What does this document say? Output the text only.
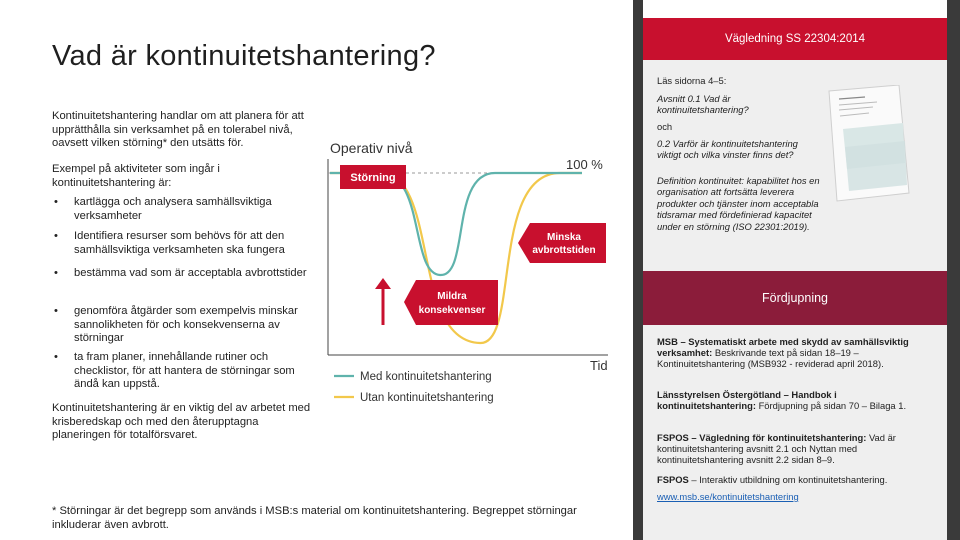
Vad är kontinuitetshantering?
Kontinuitetshantering handlar om att planera för att upprätthålla sin verksamhet på en tolerabel nivå, oavsett vilken störning* den utsätts för.
Exempel på aktiviteter som ingår i kontinuitetshantering är:
• kartlägga och analysera samhällsviktiga verksamheter
• Identifiera resurser som behövs för att den samhällsviktiga verksamheten ska fungera
• bestämma vad som är acceptabla avbrottstider
• genomföra åtgärder som exempelvis minskar sannolikheten för och konsekvenserna av störningar
• ta fram planer, innehållande rutiner och checklistor, för att hantera de störningar som ändå kan uppstå.
Kontinuitetshantering är en viktig del av arbetet med krisberedskap och med den återupptagna planeringen för totalförsvaret.
* Störningar är det begrepp som används i MSB:s material om kontinuitetshantering. Begreppet störningar inkluderar även avbrott.
Operativ nivå
Tid
100 %
Störning
Minska
avbrottstiden
Mildra
konsekvenser
Med kontinuitetshantering
Utan kontinuitetshantering
Vägledning SS 22304:2014
Läs sidorna 4–5:
Avsnitt 0.1 Vad är kontinuitetshantering?
och
0.2 Varför är kontinuitetshantering viktigt och vilka vinster finns det?
Definition kontinuitet: kapabilitet hos en organisation att fortsätta leverera produkter och tjänster inom acceptabla tidsramar med fördefinierad kapacitet under en störning (ISO 22301:2019).
Fördjupning
MSB – Systematiskt arbete med skydd av samhällsviktig verksamhet: Beskrivande text på sidan 18–19 – Kontinuitetshantering (MSB932 - reviderad april 2018).
Länsstyrelsen Östergötland – Handbok i kontinuitetshantering: Fördjupning på sidan 70 – Bilaga 1.
FSPOS – Vägledning för kontinuitetshantering: Vad är kontinuitetshantering avsnitt 2.1 och Nyttan med kontinuitetshantering avsnitt 2.2 sidan 8–9.
FSPOS – Interaktiv utbildning om kontinuitetshantering.
www.msb.se/kontinuitetshantering
